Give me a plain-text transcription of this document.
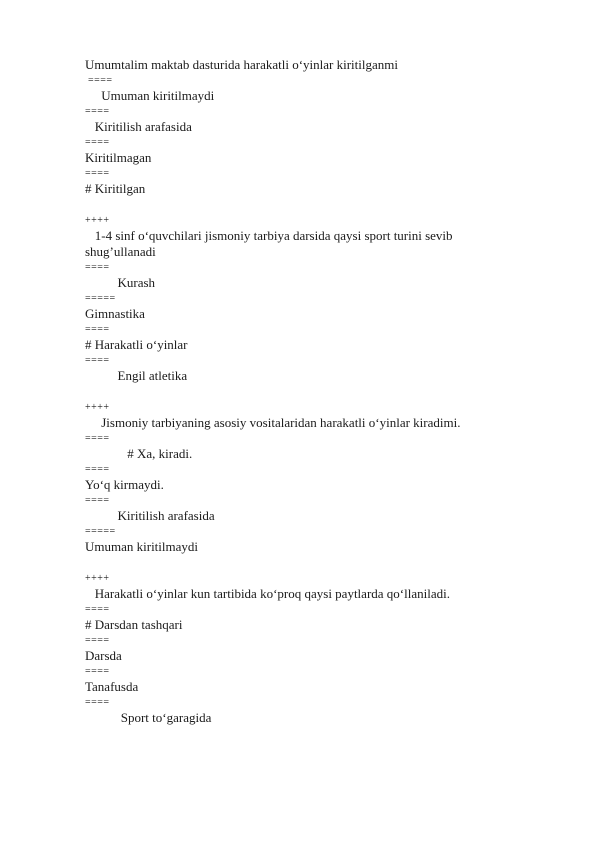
Umumtalim maktab dasturida harakatli o‘yinlar kiritilganmi
====
Umuman kiritilmaydi
====
Kiritilish arafasida
====
Kiritilmagan
====
# Kiritilgan
++++
1-4 sinf o‘quvchilari jismoniy tarbiya darsida qaysi sport turini sevib shug’ullanadi
====
Kurash
=====
Gimnastika
====
# Harakatli o‘yinlar
====
Engil atletika
++++
Jismoniy tarbiyaning asosiy vositalaridan harakatli o‘yinlar kiradimi.
====
# Xa, kiradi.
====
Yo‘q kirmaydi.
====
Kiritilish arafasida
=====
Umuman kiritilmaydi
++++
Harakatli o‘yinlar kun tartibida ko‘proq qaysi paytlarda qo‘llaniladi.
====
# Darsdan tashqari
====
Darsda
====
Tanafusda
====
Sport to‘garagida
